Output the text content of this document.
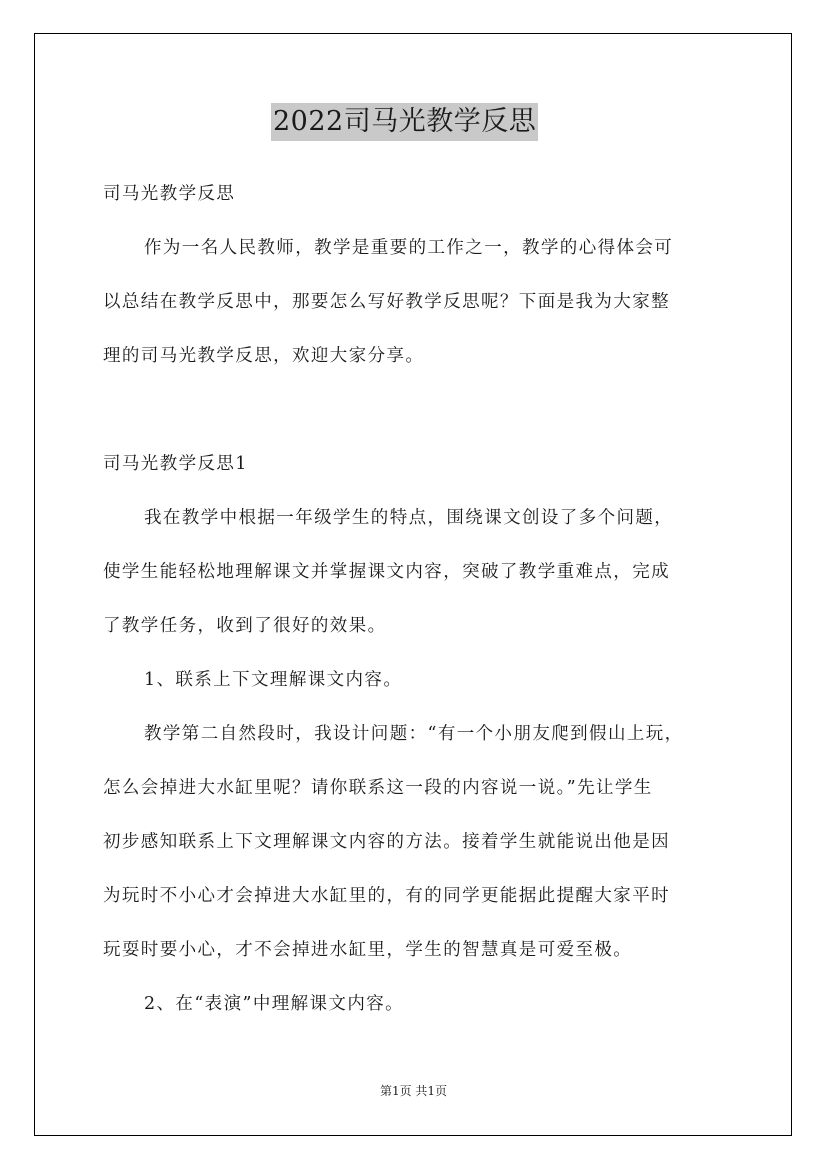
2022司马光教学反思
司马光教学反思
作为一名人民教师，教学是重要的工作之一，教学的心得体会可
以总结在教学反思中，那要怎么写好教学反思呢？下面是我为大家整
理的司马光教学反思，欢迎大家分享。
司马光教学反思1
我在教学中根据一年级学生的特点，围绕课文创设了多个问题，
使学生能轻松地理解课文并掌握课文内容，突破了教学重难点，完成
了教学任务，收到了很好的效果。
1、联系上下文理解课文内容。
教学第二自然段时，我设计问题：“有一个小朋友爬到假山上玩，
怎么会掉进大水缸里呢？请你联系这一段的内容说一说。”先让学生
初步感知联系上下文理解课文内容的方法。接着学生就能说出他是因
为玩时不小心才会掉进大水缸里的，有的同学更能据此提醒大家平时
玩耍时要小心，才不会掉进水缸里，学生的智慧真是可爱至极。
2、在“表演”中理解课文内容。
第1页 共1页
